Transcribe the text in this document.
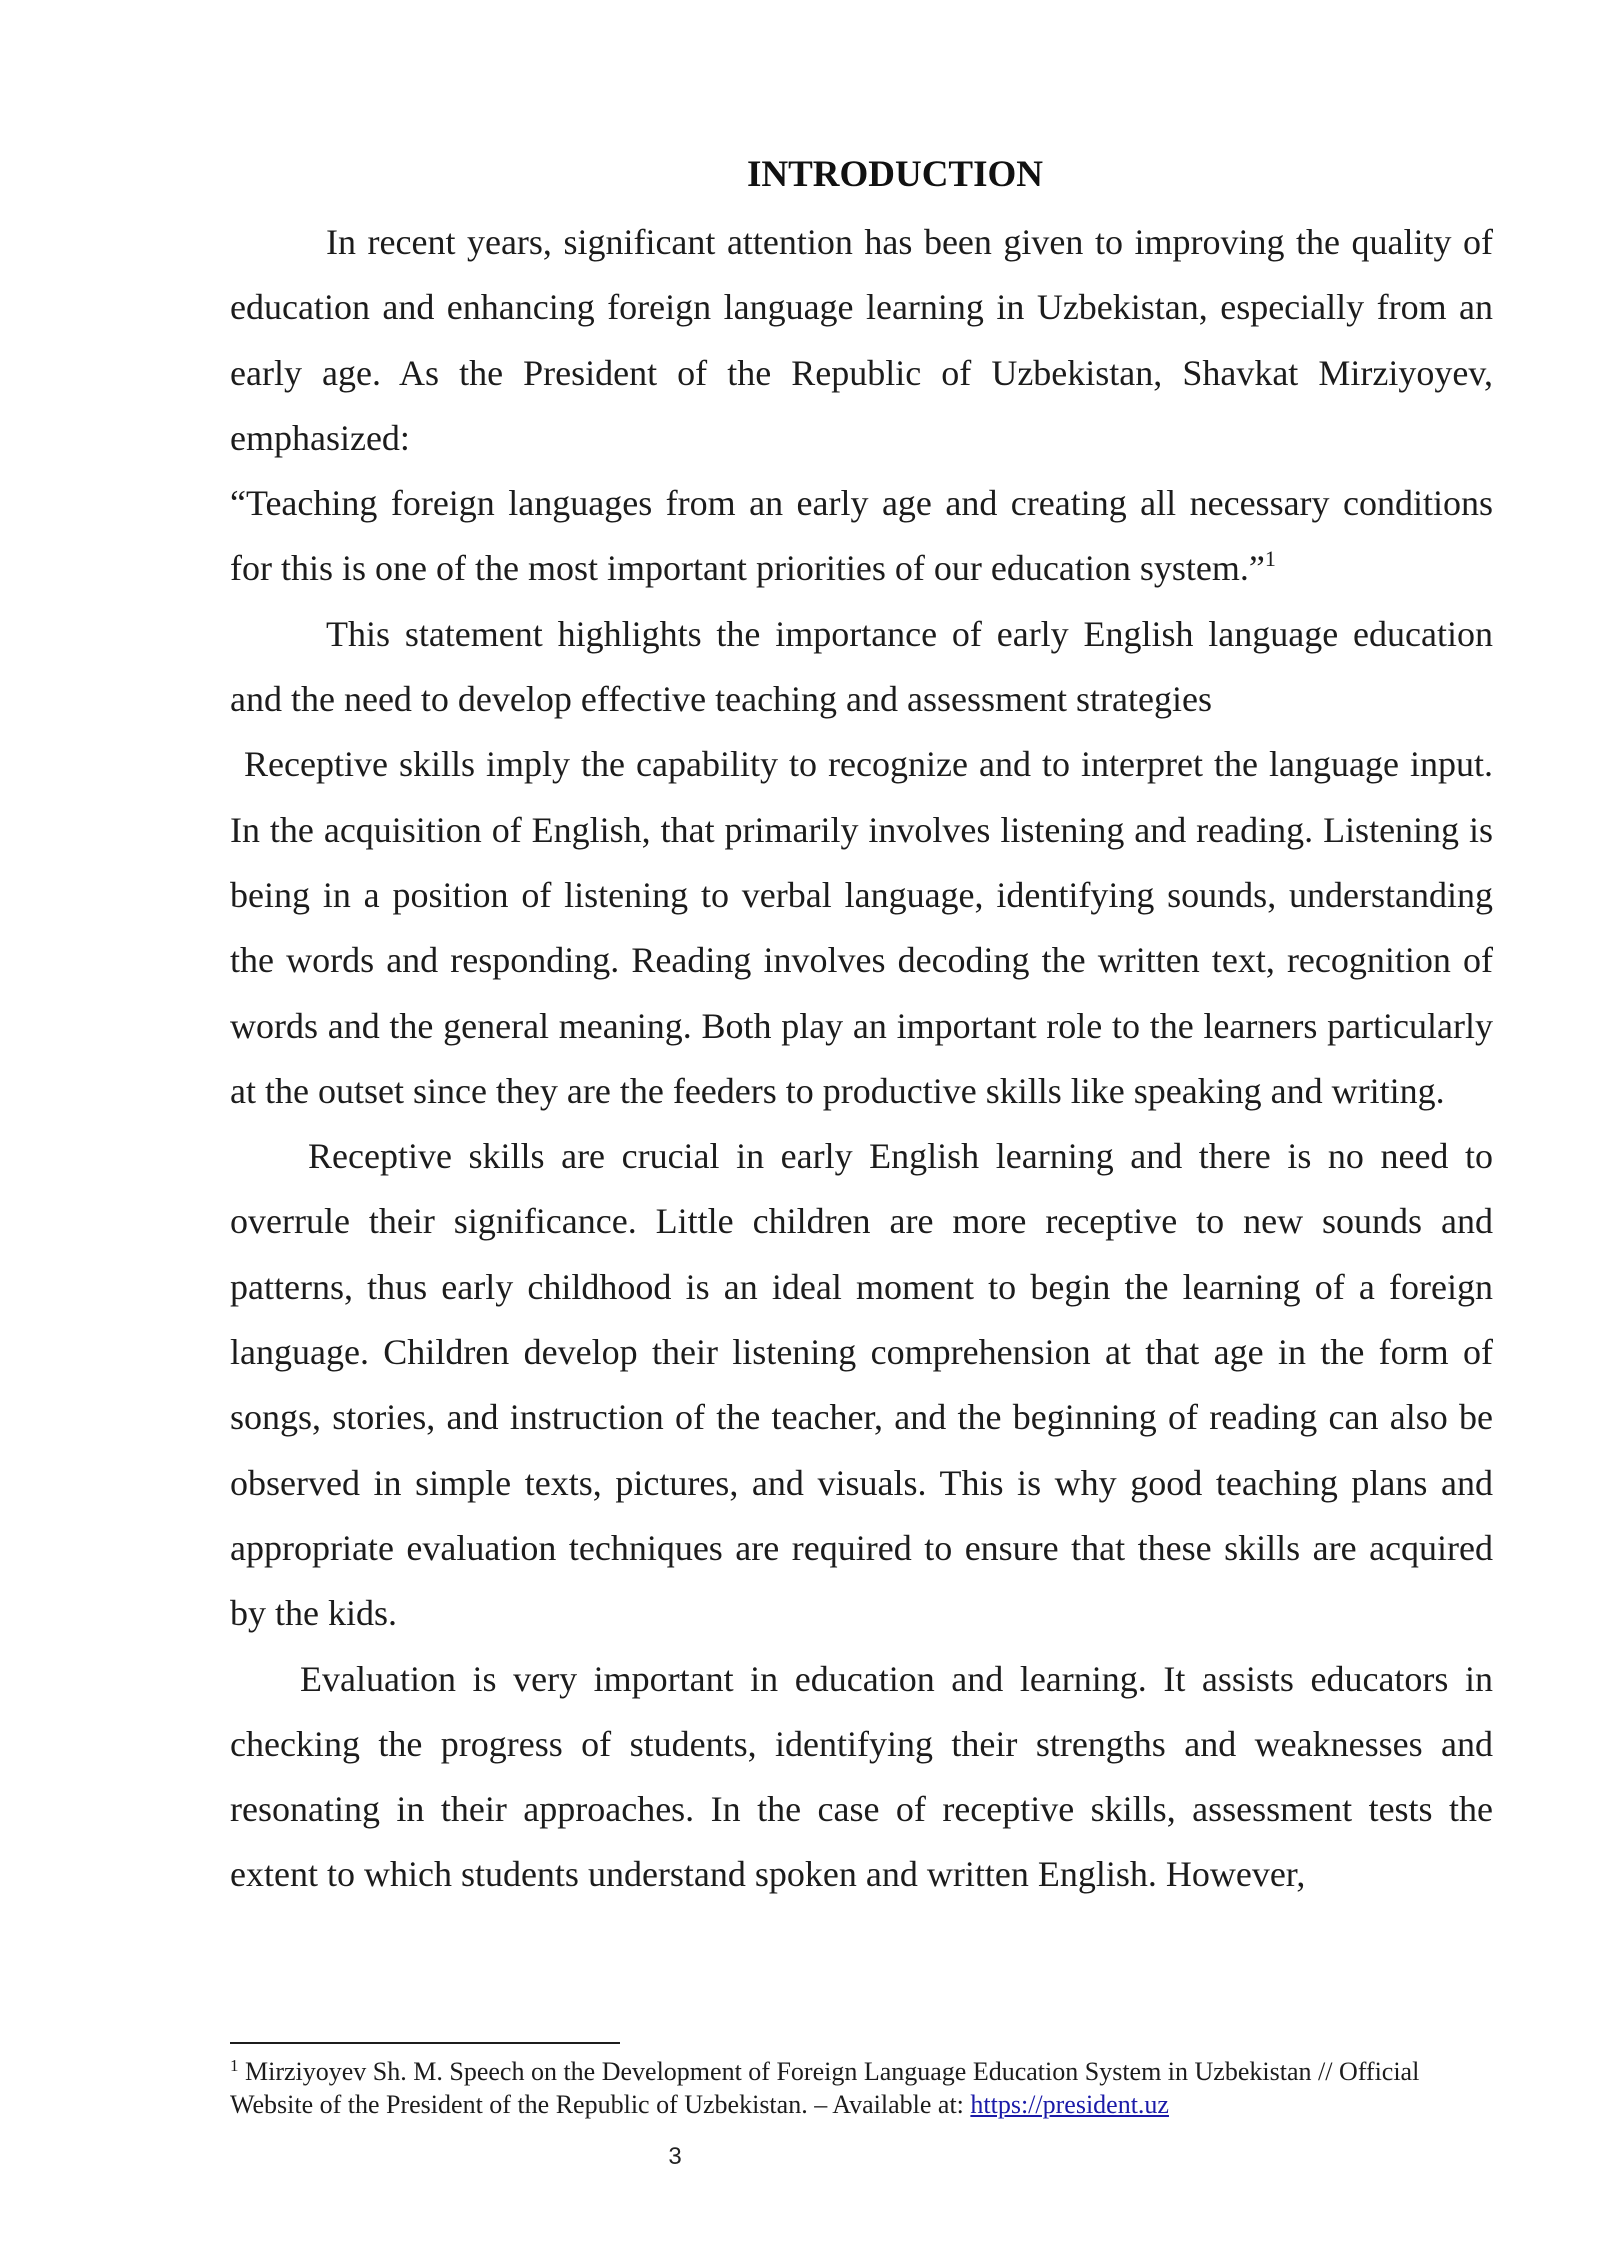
INTRODUCTION

In recent years, significant attention has been given to improving the quality of education and enhancing foreign language learning in Uzbekistan, especially from an early age. As the President of the Republic of Uzbekistan, Shavkat Mirziyoyev, emphasized:

“Teaching foreign languages from an early age and creating all necessary conditions for this is one of the most important priorities of our education system.”$^1$

This statement highlights the importance of early English language education and the need to develop effective teaching and assessment strategies

Receptive skills imply the capability to recognize and to interpret the language input. In the acquisition of English, that primarily involves listening and reading. Listening is being in a position of listening to verbal language, identifying sounds, understanding the words and responding. Reading involves decoding the written text, recognition of words and the general meaning. Both play an important role to the learners particularly at the outset since they are the feeders to productive skills like speaking and writing.

Receptive skills are crucial in early English learning and there is no need to overrule their significance. Little children are more receptive to new sounds and patterns, thus early childhood is an ideal moment to begin the learning of a foreign language. Children develop their listening comprehension at that age in the form of songs, stories, and instruction of the teacher, and the beginning of reading can also be observed in simple texts, pictures, and visuals. This is why good teaching plans and appropriate evaluation techniques are required to ensure that these skills are acquired by the kids.

Evaluation is very important in education and learning. It assists educators in checking the progress of students, identifying their strengths and weaknesses and resonating in their approaches. In the case of receptive skills, assessment tests the extent to which students understand spoken and written English. However,

$^1$ Mirziyoyev Sh. M. Speech on the Development of Foreign Language Education System in Uzbekistan // Official Website of the President of the Republic of Uzbekistan. – Available at: https://president.uz

3
